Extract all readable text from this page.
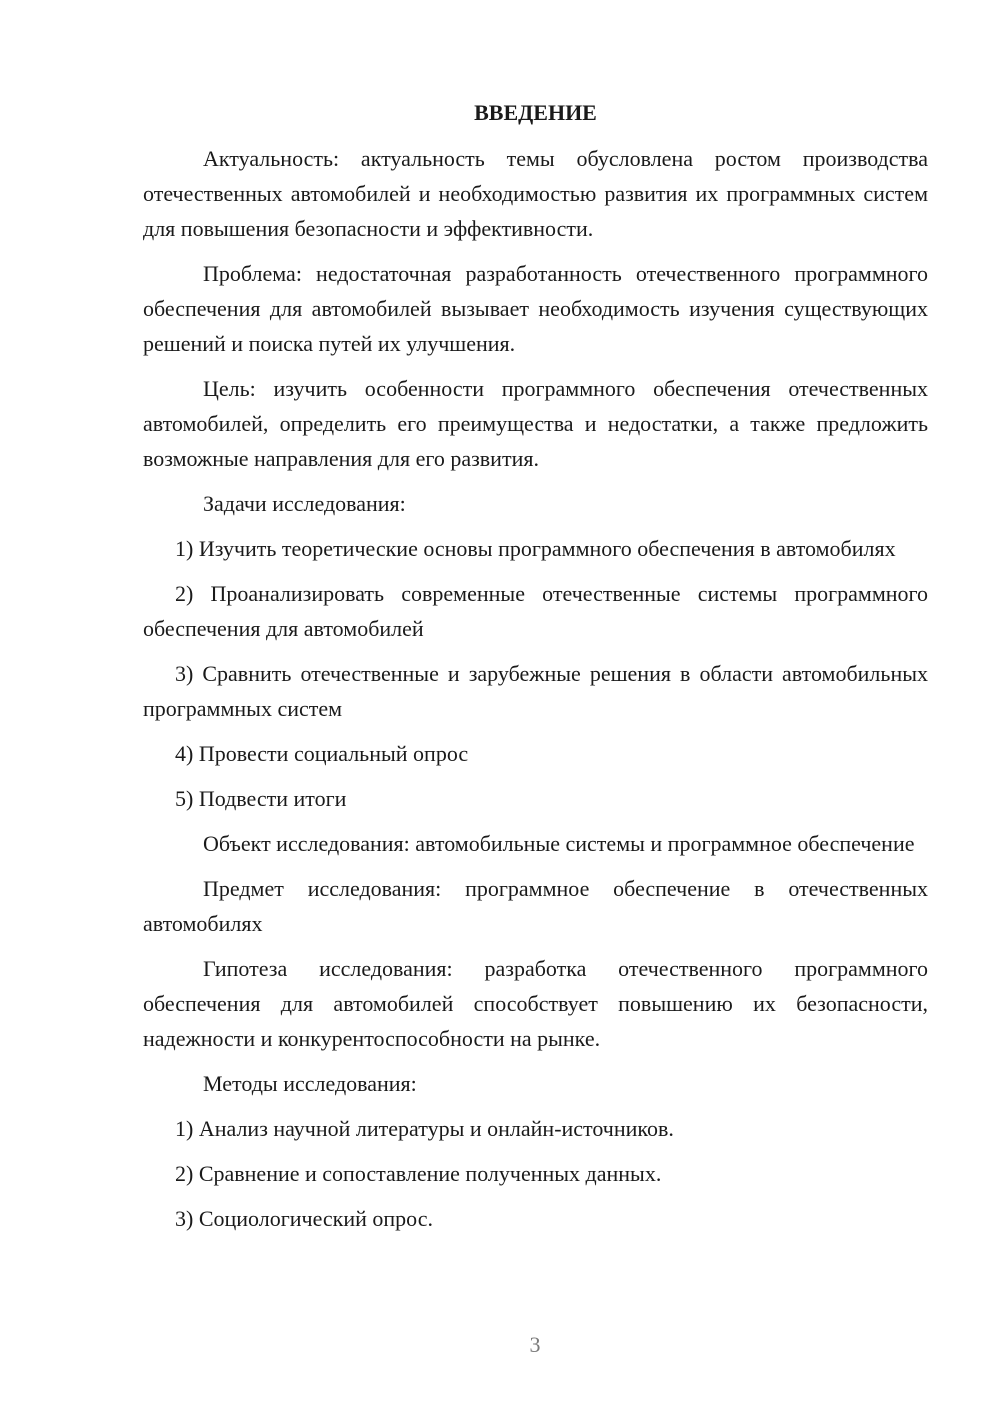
ВВЕДЕНИЕ

Актуальность: актуальность темы обусловлена ростом производства отечественных автомобилей и необходимостью развития их программных систем для повышения безопасности и эффективности.

Проблема: недостаточная разработанность отечественного программного обеспечения для автомобилей вызывает необходимость изучения существующих решений и поиска путей их улучшения.

Цель: изучить особенности программного обеспечения отечественных автомобилей, определить его преимущества и недостатки, а также предложить возможные направления для его развития.

Задачи исследования:

1) Изучить теоретические основы программного обеспечения в автомобилях

2) Проанализировать современные отечественные системы программного обеспечения для автомобилей

3) Сравнить отечественные и зарубежные решения в области автомобильных программных систем

4) Провести социальный опрос

5) Подвести итоги

Объект исследования: автомобильные системы и программное обеспечение

Предмет исследования: программное обеспечение в отечественных автомобилях

Гипотеза исследования: разработка отечественного программного обеспечения для автомобилей способствует повышению их безопасности, надежности и конкурентоспособности на рынке.

Методы исследования:

1) Анализ научной литературы и онлайн-источников.

2) Сравнение и сопоставление полученных данных.

3) Социологический опрос.

3
